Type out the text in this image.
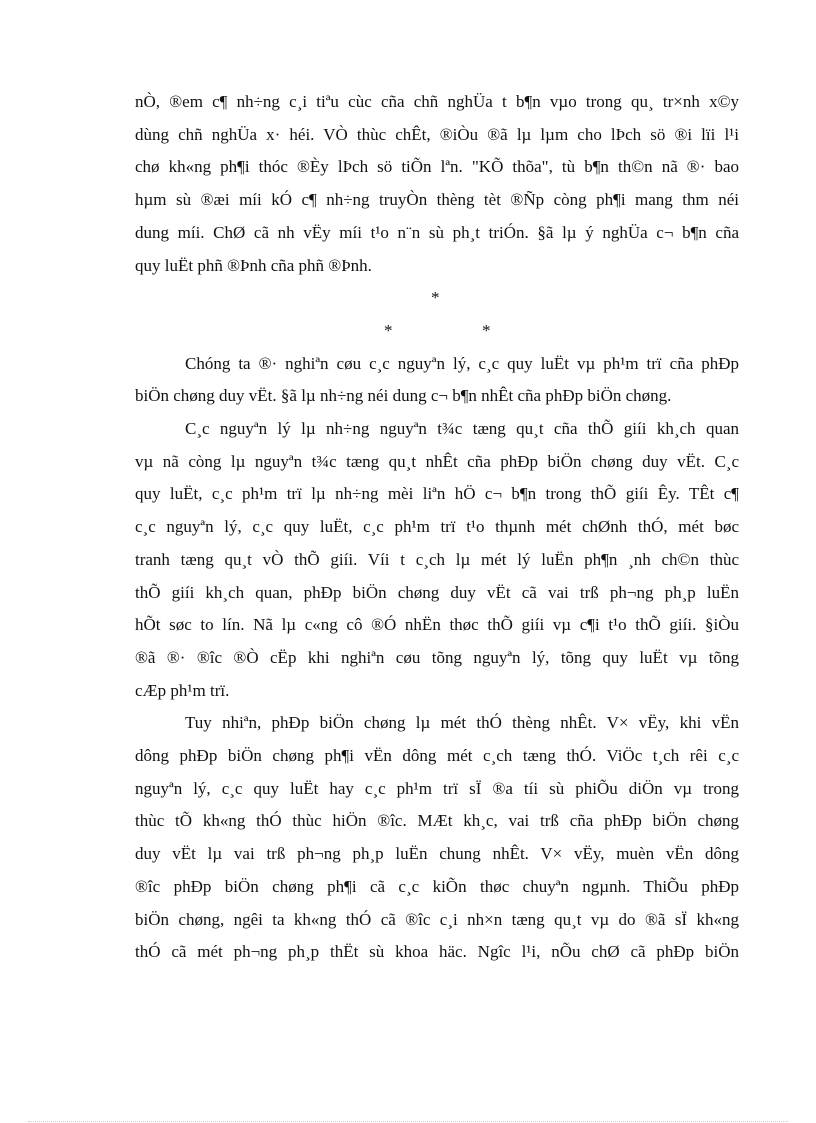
nÒ, ®em c¶ nh÷ng c¸i tiªu cùc cña chñ nghÜa t b¶n vµo trong qu¸ tr×nh x©y
dùng chñ nghÜa x· héi. VÒ thùc chÊt, ®iÒu ®ã lµ lµm cho lÞch sö ®i lïi l¹i
chø kh«ng ph¶i thóc ®Èy lÞch sö tiÕn lªn. "KÕ thõa", tù b¶n th©n nã ®· bao
hµm sù ®æi míi kÓ c¶ nh÷ng truyÒn thèng tèt ®Ñp còng ph¶i mang thm néi
dung míi. ChØ cã nh vËy míi t¹o n¨n sù ph¸t triÓn. §ã lµ ý nghÜa c¬ b¶n cña
quy luËt phñ ®Þnh cña phñ ®Þnh.
*
*	*
Chóng ta ®· nghiªn cøu c¸c nguyªn lý, c¸c quy luËt vµ ph¹m trï cña phÐp
biÖn chøng duy vËt. §ã lµ nh÷ng néi dung c¬ b¶n nhÊt cña phÐp biÖn chøng.
C¸c nguyªn lý lµ nh÷ng nguyªn t¾c tæng qu¸t cña thÕ giíi kh¸ch quan
vµ nã còng lµ nguyªn t¾c tæng qu¸t nhÊt cña phÐp biÖn chøng duy vËt. C¸c
quy luËt, c¸c ph¹m trï lµ nh÷ng mèi liªn hÖ c¬ b¶n trong thÕ giíi Êy. TÊt c¶
c¸c nguyªn lý, c¸c quy luËt, c¸c ph¹m trï t¹o thµnh mét chØnh thÓ, mét bøc
tranh tæng qu¸t vÒ thÕ giíi. Víi t c¸ch lµ mét lý luËn ph¶n ¸nh ch©n thùc
thÕ giíi kh¸ch quan, phÐp biÖn chøng duy vËt cã vai trß ph¬ng ph¸p luËn
hÕt søc to lín. Nã lµ c«ng cô ®Ó nhËn thøc thÕ giíi vµ c¶i t¹o thÕ giíi. §iÒu
®ã ®· ®îc ®Ò cËp khi nghiªn cøu tõng nguyªn lý, tõng quy luËt vµ tõng
cÆp ph¹m trï.
Tuy nhiªn, phÐp biÖn chøng lµ mét thÓ thèng nhÊt. V× vËy, khi vËn
dông phÐp biÖn chøng ph¶i vËn dông mét c¸ch tæng thÓ. ViÖc t¸ch rêi c¸c
nguyªn lý, c¸c quy luËt hay c¸c ph¹m trï sÏ ®a tíi sù phiÕu diÖn vµ trong
thùc tÕ kh«ng thÓ thùc hiÖn ®îc. MÆt kh¸c, vai trß cña phÐp biÖn chøng
duy vËt lµ vai trß ph¬ng ph¸p luËn chung nhÊt. V× vËy, muèn vËn dông
®îc phÐp biÖn chøng ph¶i cã c¸c kiÕn thøc chuyªn ngµnh. ThiÕu phÐp
biÖn chøng, ngêi ta kh«ng thÓ cã ®îc c¸i nh×n tæng qu¸t vµ do ®ã sÏ kh«ng
thÓ cã mét ph¬ng ph¸p thËt sù khoa häc. Ngîc l¹i, nÕu chØ cã phÐp biÖn
